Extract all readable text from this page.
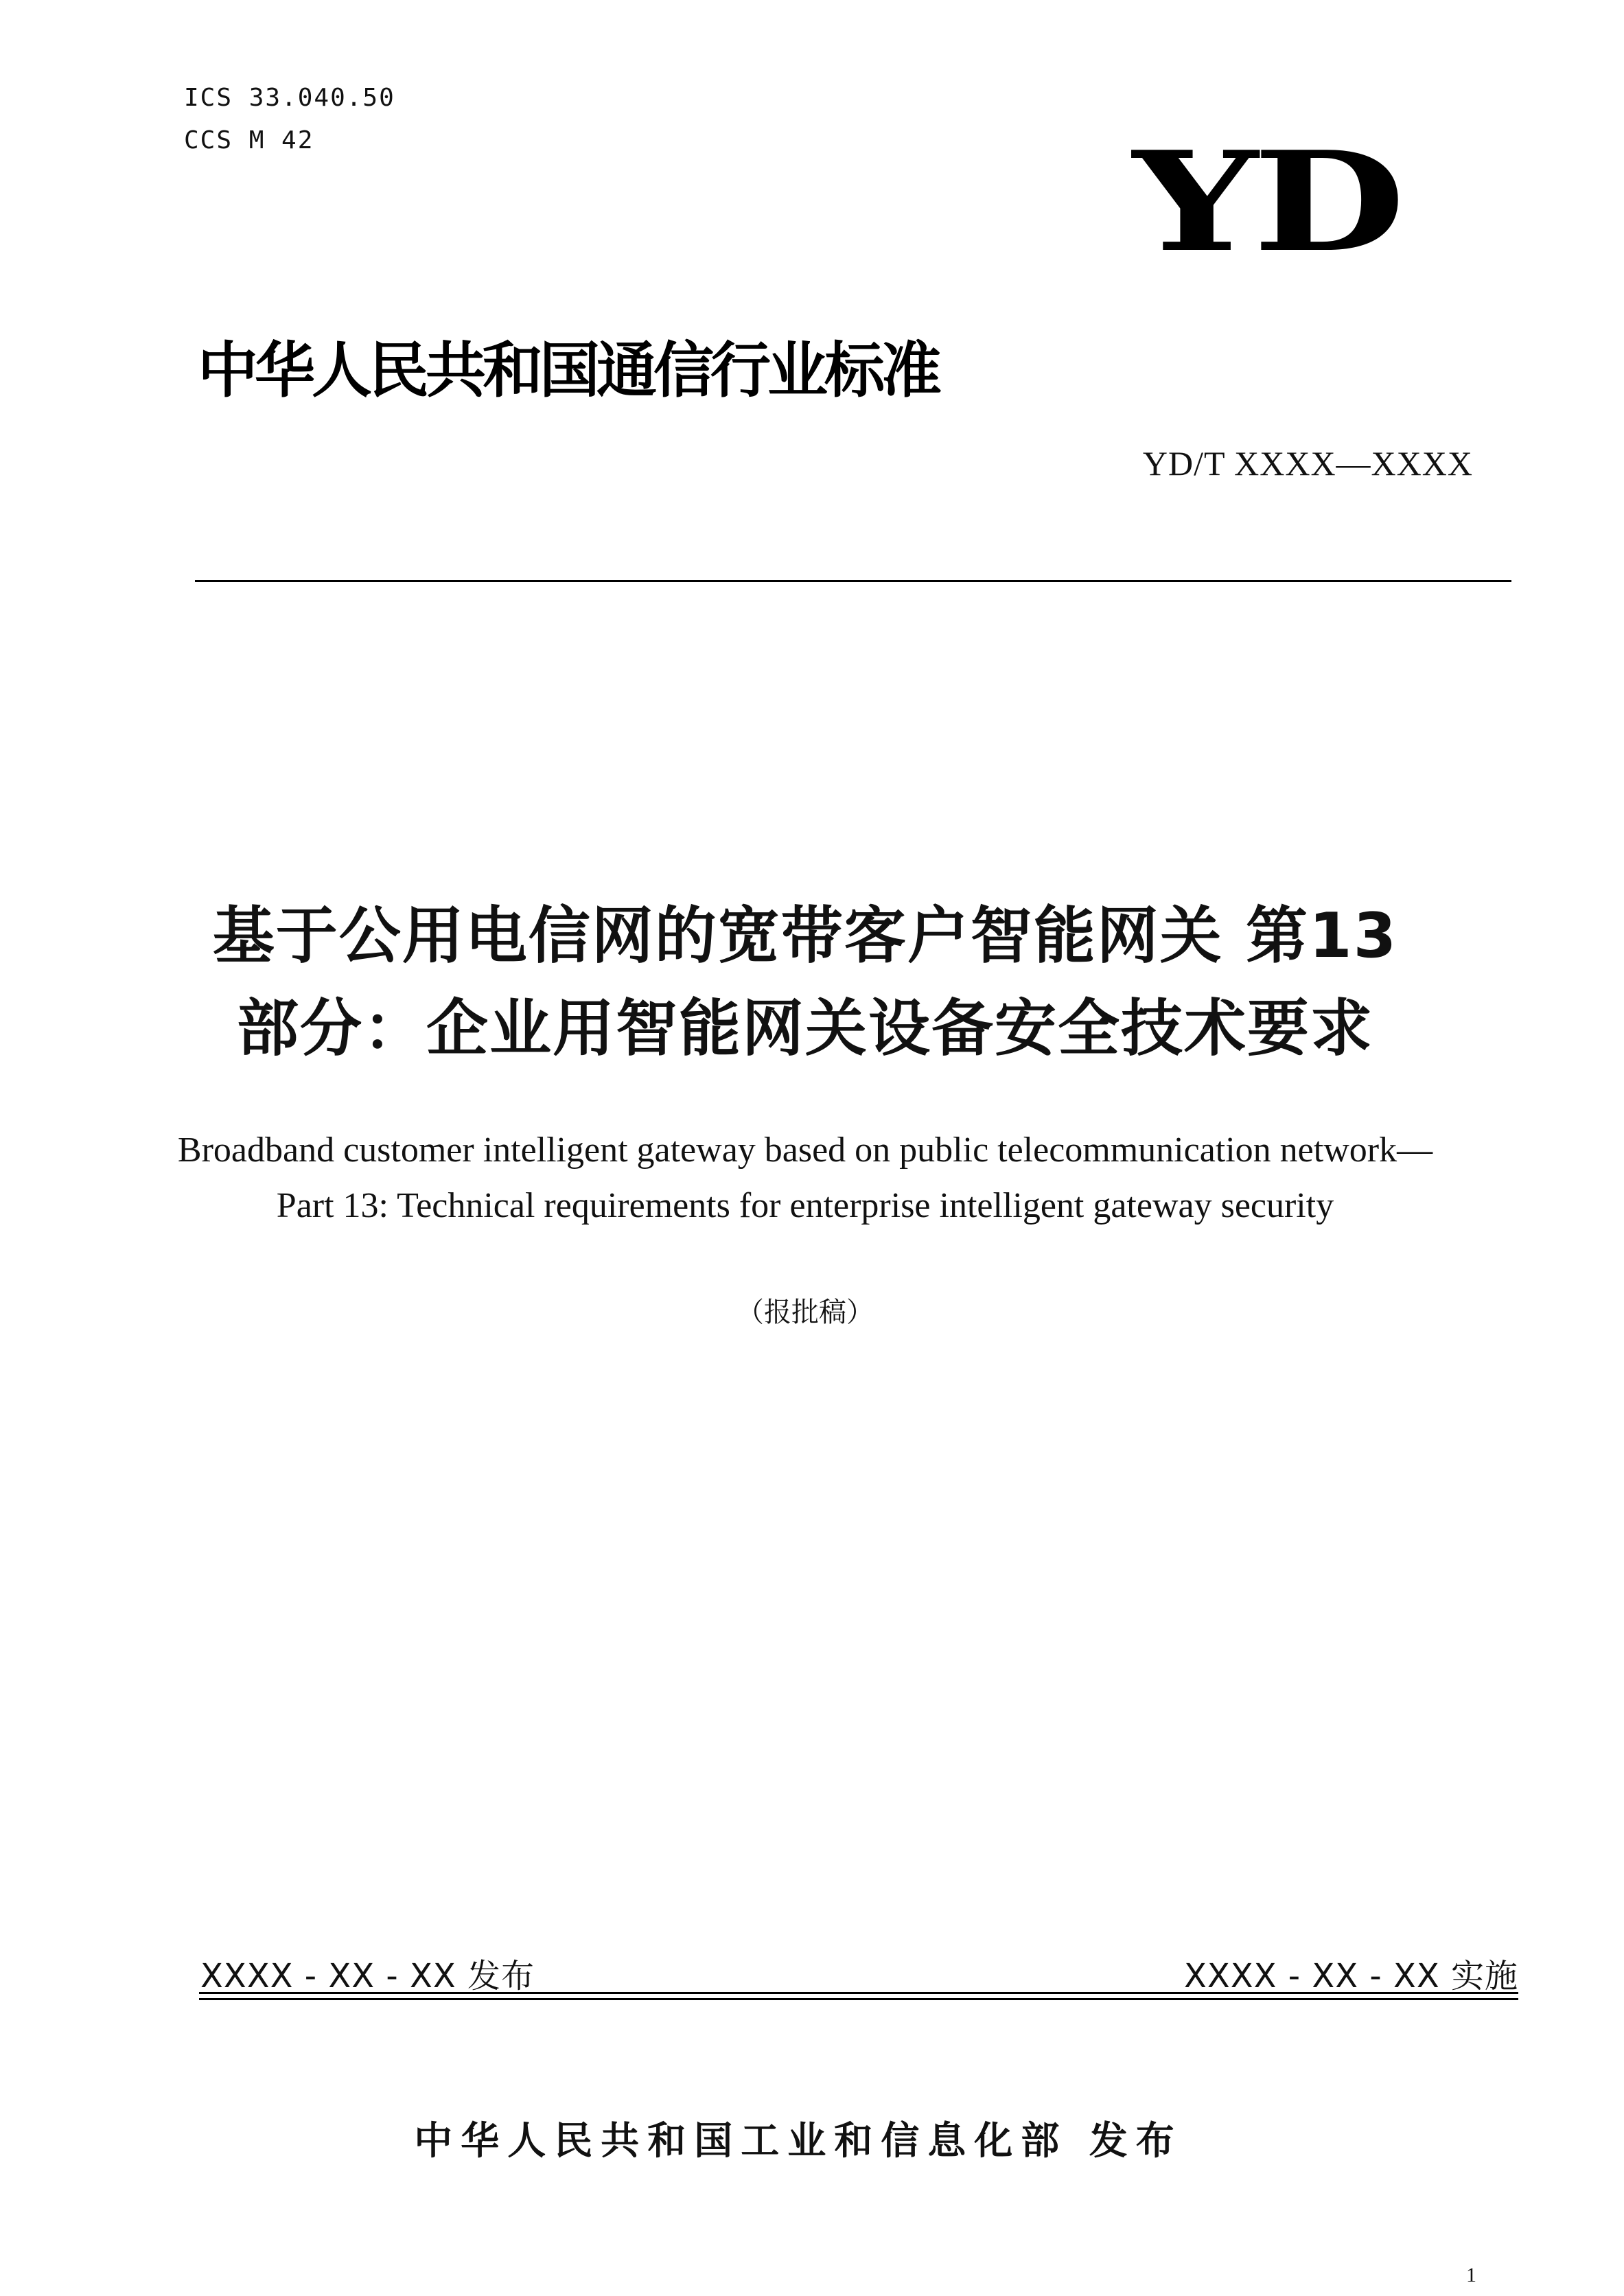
ICS 33.040.50
CCS M 42	YD
中华人民共和国通信行业标准
YD/T XXXX—XXXX
基于公用电信网的宽带客户智能网关 第13
部分：企业用智能网关设备安全技术要求
Broadband customer intelligent gateway based on public telecommunication network—
Part 13: Technical requirements for enterprise intelligent gateway security
（报批稿）
XXXX - XX - XX 发布	XXXX - XX - XX 实施
中华人民共和国工业和信息化部 发布
1
